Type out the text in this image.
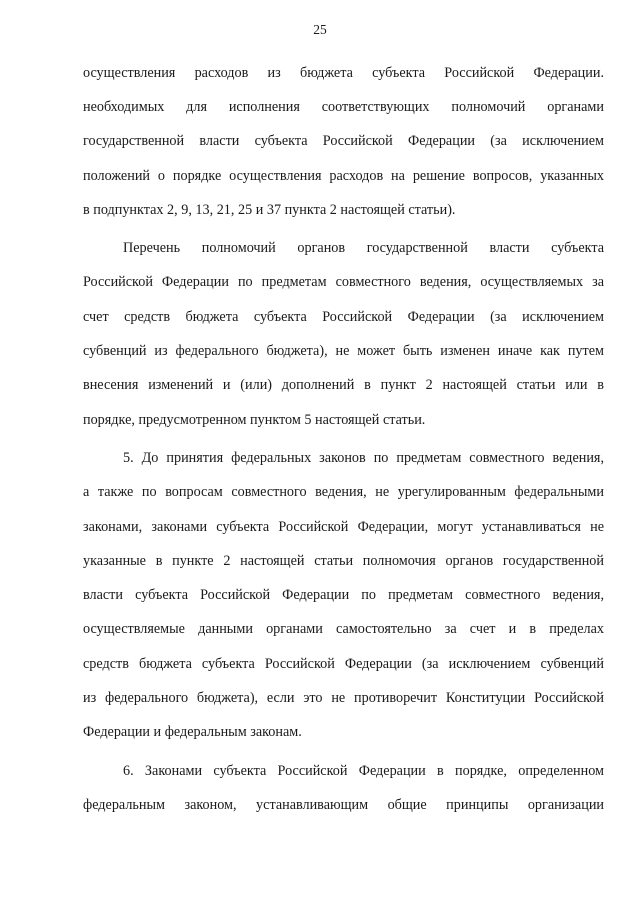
25
осуществления расходов из бюджета субъекта Российской Федерации.
необходимых для исполнения соответствующих полномочий органами
государственной власти субъекта Российской Федерации (за исключением
положений о порядке осуществления расходов на решение вопросов, указанных
в подпунктах 2, 9, 13, 21, 25 и 37 пункта 2 настоящей статьи).
Перечень полномочий органов государственной власти субъекта
Российской Федерации по предметам совместного ведения, осуществляемых за
счет средств бюджета субъекта Российской Федерации (за исключением
субвенций из федерального бюджета), не может быть изменен иначе как путем
внесения изменений и (или) дополнений в пункт 2 настоящей статьи или в
порядке, предусмотренном пунктом 5 настоящей статьи.
5. До принятия федеральных законов по предметам совместного ведения,
а также по вопросам совместного ведения, не урегулированным федеральными
законами, законами субъекта Российской Федерации, могут устанавливаться не
указанные в пункте 2 настоящей статьи полномочия органов государственной
власти субъекта Российской Федерации по предметам совместного ведения,
осуществляемые данными органами самостоятельно за счет и в пределах
средств бюджета субъекта Российской Федерации (за исключением субвенций
из федерального бюджета), если это не противоречит Конституции Российской
Федерации и федеральным законам.
6. Законами субъекта Российской Федерации в порядке, определенном
федеральным законом, устанавливающим общие принципы организации
